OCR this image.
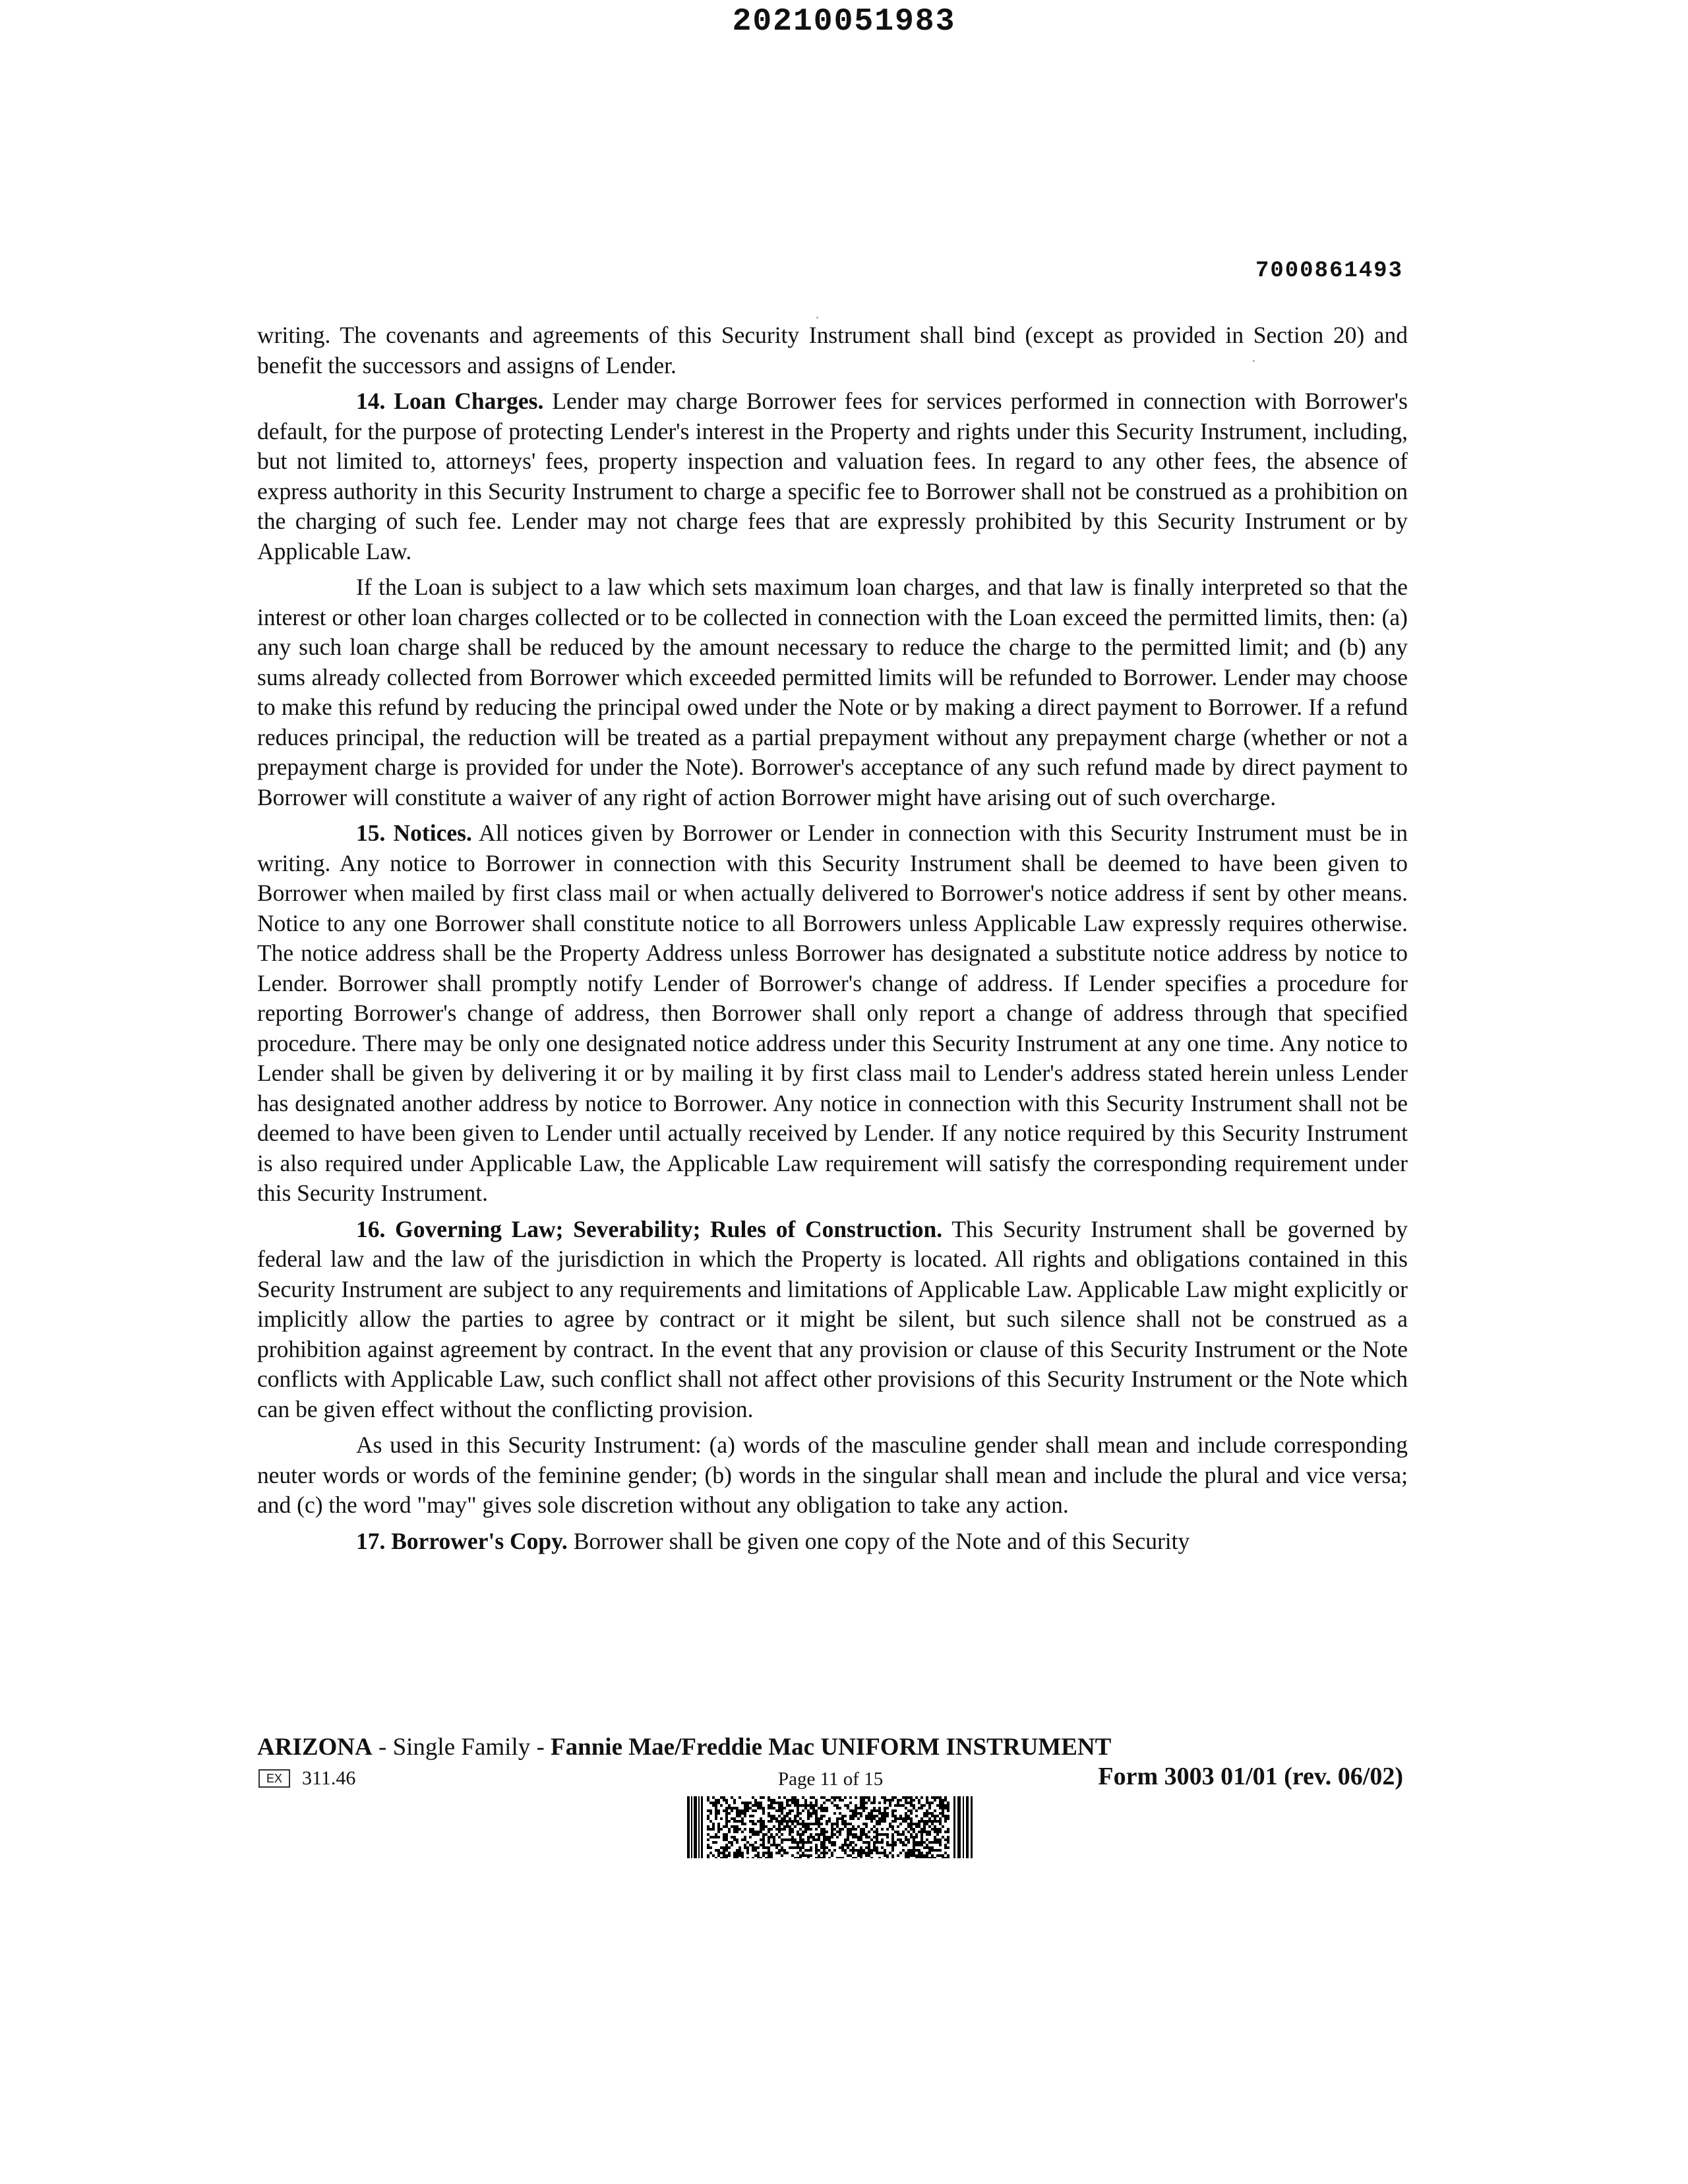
20210051983
7000861493

writing. The covenants and agreements of this Security Instrument shall bind (except as provided in Section 20) and benefit the successors and assigns of Lender.

14. Loan Charges. Lender may charge Borrower fees for services performed in connection with Borrower's default, for the purpose of protecting Lender's interest in the Property and rights under this Security Instrument, including, but not limited to, attorneys' fees, property inspection and valuation fees. In regard to any other fees, the absence of express authority in this Security Instrument to charge a specific fee to Borrower shall not be construed as a prohibition on the charging of such fee. Lender may not charge fees that are expressly prohibited by this Security Instrument or by Applicable Law.

If the Loan is subject to a law which sets maximum loan charges, and that law is finally interpreted so that the interest or other loan charges collected or to be collected in connection with the Loan exceed the permitted limits, then: (a) any such loan charge shall be reduced by the amount necessary to reduce the charge to the permitted limit; and (b) any sums already collected from Borrower which exceeded permitted limits will be refunded to Borrower. Lender may choose to make this refund by reducing the principal owed under the Note or by making a direct payment to Borrower. If a refund reduces principal, the reduction will be treated as a partial prepayment without any prepayment charge (whether or not a prepayment charge is provided for under the Note). Borrower's acceptance of any such refund made by direct payment to Borrower will constitute a waiver of any right of action Borrower might have arising out of such overcharge.

15. Notices. All notices given by Borrower or Lender in connection with this Security Instrument must be in writing. Any notice to Borrower in connection with this Security Instrument shall be deemed to have been given to Borrower when mailed by first class mail or when actually delivered to Borrower's notice address if sent by other means. Notice to any one Borrower shall constitute notice to all Borrowers unless Applicable Law expressly requires otherwise. The notice address shall be the Property Address unless Borrower has designated a substitute notice address by notice to Lender. Borrower shall promptly notify Lender of Borrower's change of address. If Lender specifies a procedure for reporting Borrower's change of address, then Borrower shall only report a change of address through that specified procedure. There may be only one designated notice address under this Security Instrument at any one time. Any notice to Lender shall be given by delivering it or by mailing it by first class mail to Lender's address stated herein unless Lender has designated another address by notice to Borrower. Any notice in connection with this Security Instrument shall not be deemed to have been given to Lender until actually received by Lender. If any notice required by this Security Instrument is also required under Applicable Law, the Applicable Law requirement will satisfy the corresponding requirement under this Security Instrument.

16. Governing Law; Severability; Rules of Construction. This Security Instrument shall be governed by federal law and the law of the jurisdiction in which the Property is located. All rights and obligations contained in this Security Instrument are subject to any requirements and limitations of Applicable Law. Applicable Law might explicitly or implicitly allow the parties to agree by contract or it might be silent, but such silence shall not be construed as a prohibition against agreement by contract. In the event that any provision or clause of this Security Instrument or the Note conflicts with Applicable Law, such conflict shall not affect other provisions of this Security Instrument or the Note which can be given effect without the conflicting provision.

As used in this Security Instrument: (a) words of the masculine gender shall mean and include corresponding neuter words or words of the feminine gender; (b) words in the singular shall mean and include the plural and vice versa; and (c) the word "may" gives sole discretion without any obligation to take any action.

17. Borrower's Copy. Borrower shall be given one copy of the Note and of this Security

ARIZONA - Single Family - Fannie Mae/Freddie Mac UNIFORM INSTRUMENT
EX	311.46	Page 11 of 15	Form 3003 01/01 (rev. 06/02)
